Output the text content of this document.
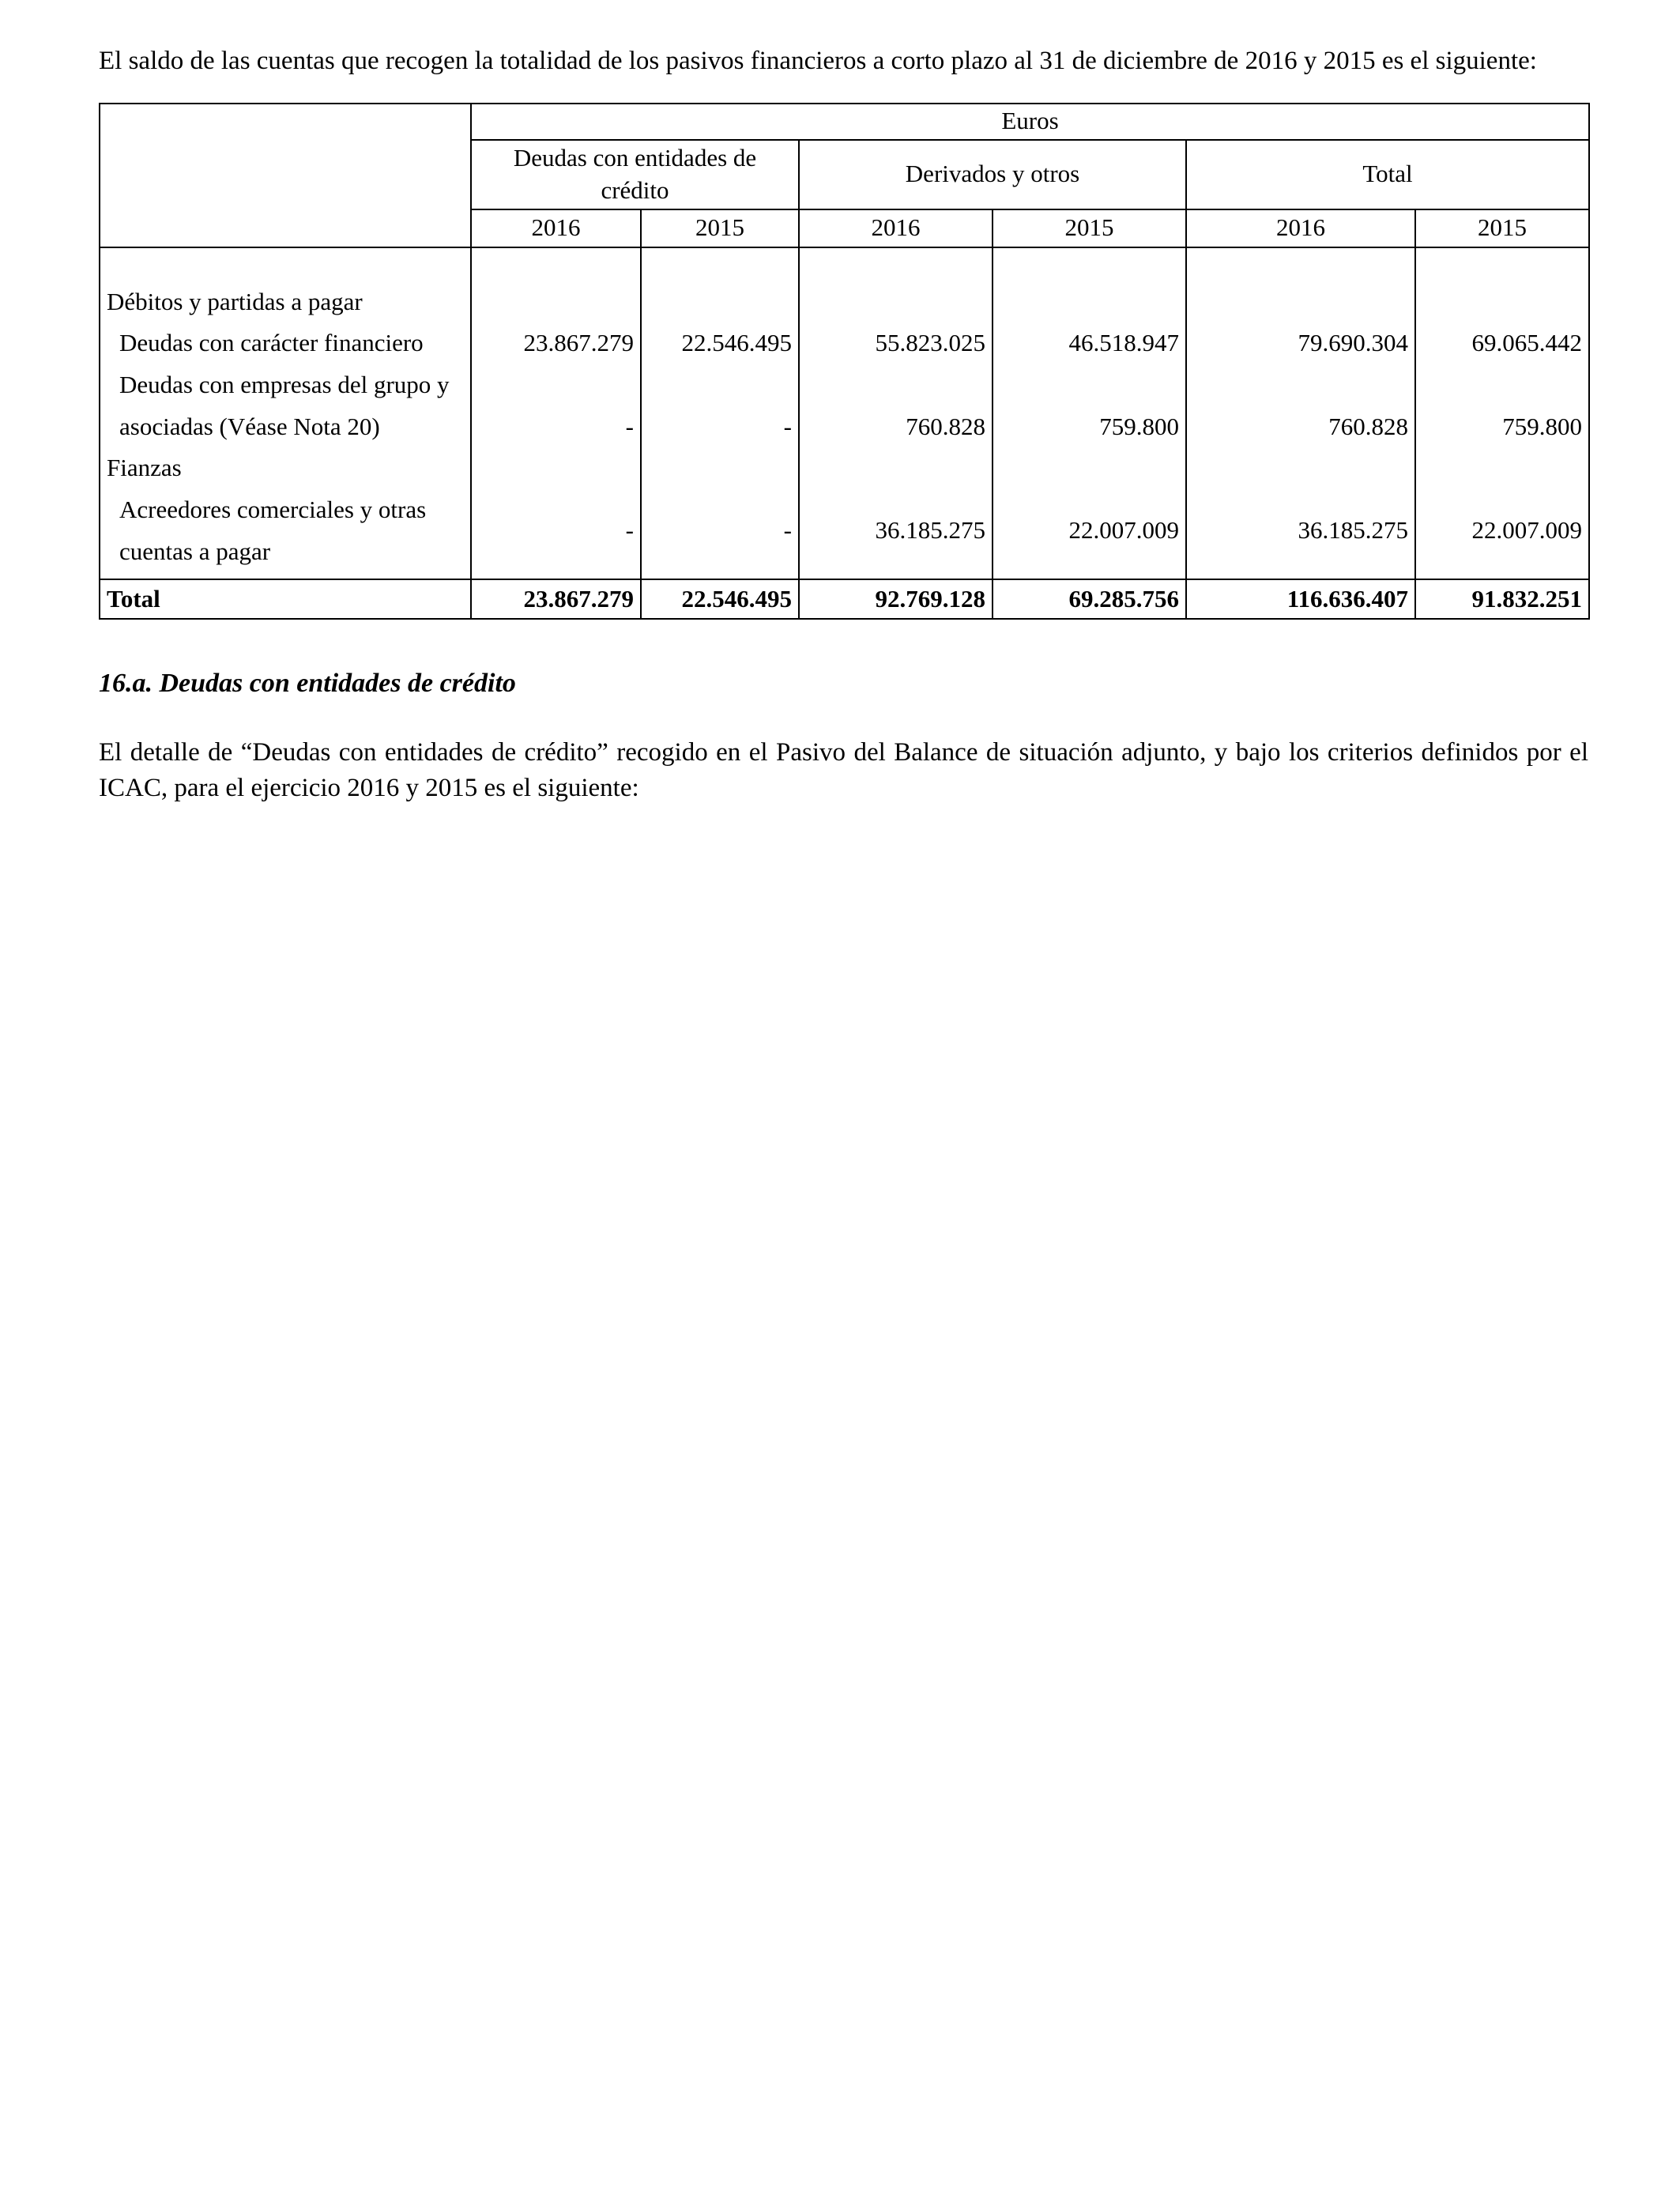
El saldo de las cuentas que recogen la totalidad de los pasivos financieros a corto plazo al 31 de diciembre de 2016 y 2015 es el siguiente:

	Euros					
	Deudas con entidades de crédito		Derivados y otros		Total	
	2016	2015	2016	2015	2016	2015
Débitos y partidas a pagar						
Deudas con carácter financiero	23.867.279	22.546.495	55.823.025	46.518.947	79.690.304	69.065.442
Deudas con empresas del grupo y asociadas (Véase Nota 20)	-	-	760.828	759.800	760.828	759.800
Fianzas						
Acreedores comerciales y otras cuentas a pagar	-	-	36.185.275	22.007.009	36.185.275	22.007.009
Total	23.867.279	22.546.495	92.769.128	69.285.756	116.636.407	91.832.251
16.a. Deudas con entidades de crédito

El detalle de “Deudas con entidades de crédito” recogido en el Pasivo del Balance de situación adjunto, y bajo los criterios definidos por el ICAC, para el ejercicio 2016 y 2015 es el siguiente:
